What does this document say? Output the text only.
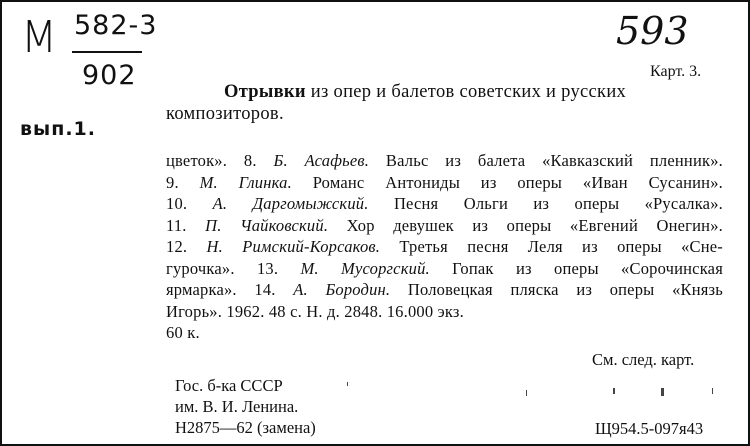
М 582-3
902
вып.1.
593
Карт. 3.
Отрывки из опер и балетов советских и русских композиторов.
цветок». 8. Б. Асафьев. Вальс из балета «Кавказский пленник».
9. М. Глинка. Романс Антониды из оперы «Иван Сусанин».
10. А. Даргомыжский. Песня Ольги из оперы «Русалка».
11. П. Чайковский. Хор девушек из оперы «Евгений Онегин».
12. Н. Римский-Корсаков. Третья песня Леля из оперы «Сне-
гурочка». 13. М. Мусоргский. Гопак из оперы «Сорочинская
ярмарка». 14. А. Бородин. Половецкая пляска из оперы «Князь
Игорь». 1962. 48 с. Н. д. 2848. 16.000 экз.
60 к.
См. след. карт.
Гос. б-ка СССР
им. В. И. Ленина.
Н2875—62 (замена)	Щ954.5-097я43
